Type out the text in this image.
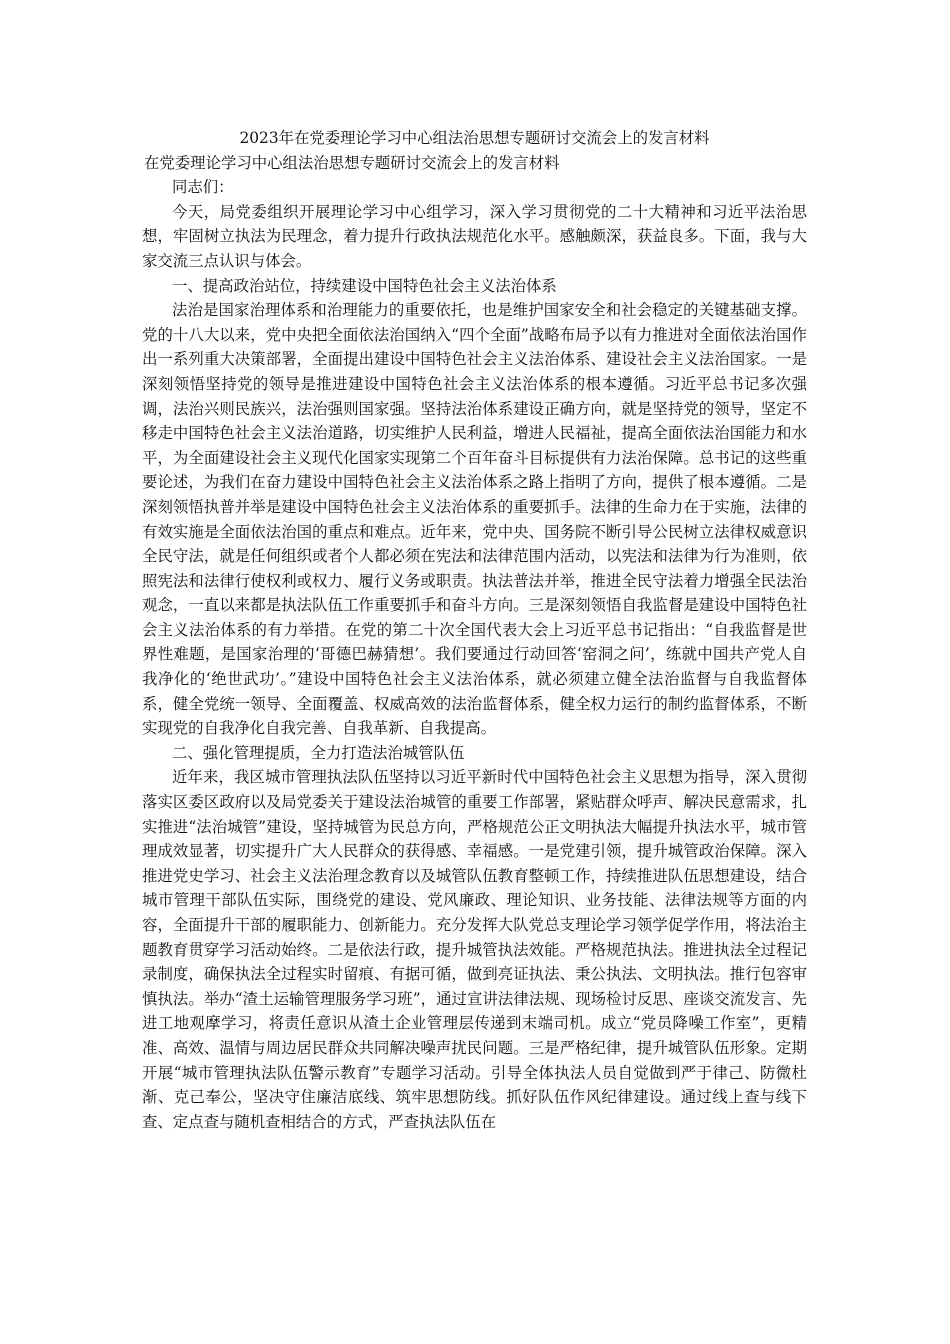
2023年在党委理论学习中心组法治思想专题研讨交流会上的发言材料

在党委理论学习中心组法治思想专题研讨交流会上的发言材料

同志们：

今天，局党委组织开展理论学习中心组学习，深入学习贯彻党的二十大精神和习近平法治思想，牢固树立执法为民理念，着力提升行政执法规范化水平。感触颇深，获益良多。下面，我与大家交流三点认识与体会。

一、提高政治站位，持续建设中国特色社会主义法治体系

法治是国家治理体系和治理能力的重要依托，也是维护国家安全和社会稳定的关键基础支撑。党的十八大以来，党中央把全面依法治国纳入“四个全面”战略布局予以有力推进对全面依法治国作出一系列重大决策部署，全面提出建设中国特色社会主义法治体系、建设社会主义法治国家。一是深刻领悟坚持党的领导是推进建设中国特色社会主义法治体系的根本遵循。习近平总书记多次强调，法治兴则民族兴，法治强则国家强。坚持法治体系建设正确方向，就是坚持党的领导，坚定不移走中国特色社会主义法治道路，切实维护人民利益，增进人民福祉，提高全面依法治国能力和水平，为全面建设社会主义现代化国家实现第二个百年奋斗目标提供有力法治保障。总书记的这些重要论述，为我们在奋力建设中国特色社会主义法治体系之路上指明了方向，提供了根本遵循。二是深刻领悟执普并举是建设中国特色社会主义法治体系的重要抓手。法律的生命力在于实施，法律的有效实施是全面依法治国的重点和难点。近年来，党中央、国务院不断引导公民树立法律权威意识全民守法，就是任何组织或者个人都必须在宪法和法律范围内活动，以宪法和法律为行为准则，依照宪法和法律行使权利或权力、履行义务或职责。执法普法并举，推进全民守法着力增强全民法治观念，一直以来都是执法队伍工作重要抓手和奋斗方向。三是深刻领悟自我监督是建设中国特色社会主义法治体系的有力举措。在党的第二十次全国代表大会上习近平总书记指出：“自我监督是世界性难题，是国家治理的‘哥德巴赫猜想’。我们要通过行动回答‘窑洞之问’，练就中国共产党人自我净化的‘绝世武功’。”建设中国特色社会主义法治体系，就必须建立健全法治监督与自我监督体系，健全党统一领导、全面覆盖、权威高效的法治监督体系，健全权力运行的制约监督体系，不断实现党的自我净化自我完善、自我革新、自我提高。

二、强化管理提质，全力打造法治城管队伍

近年来，我区城市管理执法队伍坚持以习近平新时代中国特色社会主义思想为指导，深入贯彻落实区委区政府以及局党委关于建设法治城管的重要工作部署，紧贴群众呼声、解决民意需求，扎实推进“法治城管”建设，坚持城管为民总方向，严格规范公正文明执法大幅提升执法水平，城市管理成效显著，切实提升广大人民群众的获得感、幸福感。一是党建引领，提升城管政治保障。深入推进党史学习、社会主义法治理念教育以及城管队伍教育整顿工作，持续推进队伍思想建设，结合城市管理干部队伍实际，围绕党的建设、党风廉政、理论知识、业务技能、法律法规等方面的内容，全面提升干部的履职能力、创新能力。充分发挥大队党总支理论学习领学促学作用，将法治主题教育贯穿学习活动始终。二是依法行政，提升城管执法效能。严格规范执法。推进执法全过程记录制度，确保执法全过程实时留痕、有据可循，做到亮证执法、秉公执法、文明执法。推行包容审慎执法。举办“渣土运输管理服务学习班”，通过宣讲法律法规、现场检讨反思、座谈交流发言、先进工地观摩学习，将责任意识从渣土企业管理层传递到末端司机。成立“党员降噪工作室”，更精准、高效、温情与周边居民群众共同解决噪声扰民问题。三是严格纪律，提升城管队伍形象。定期开展“城市管理执法队伍警示教育”专题学习活动。引导全体执法人员自觉做到严于律己、防微杜渐、克己奉公，坚决守住廉洁底线、筑牢思想防线。抓好队伍作风纪律建设。通过线上查与线下查、定点查与随机查相结合的方式，严查执法队伍在
